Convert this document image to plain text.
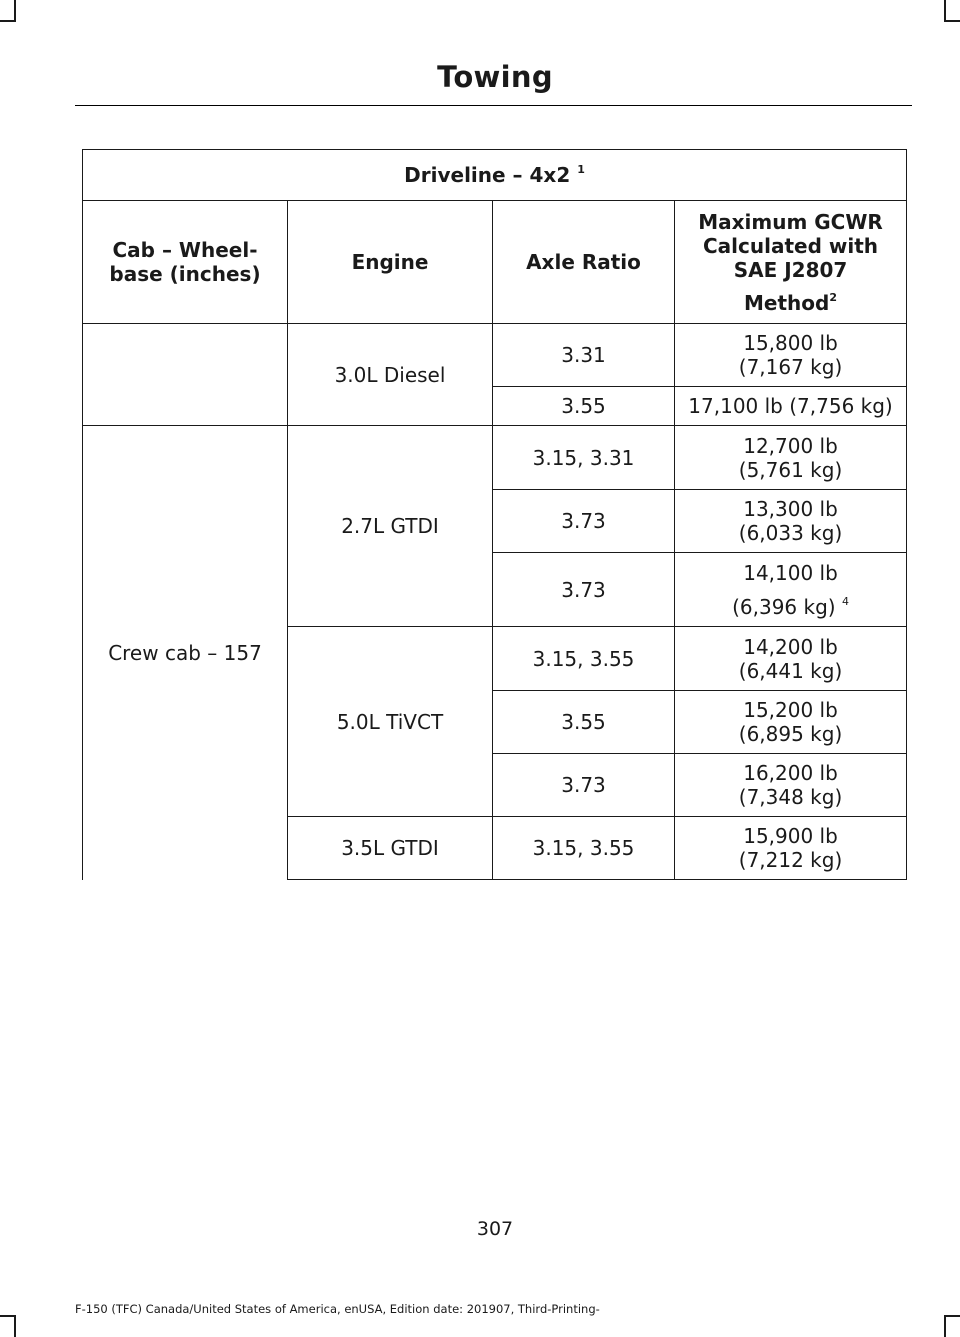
Towing
Driveline – 4x2 $^1$
Cab – Wheel-base (inches)	Engine	Axle Ratio	Maximum GCWR Calculated with SAE J2807
Method$^2$

	3.0L Diesel	3.31	15,800 lb
(7,167 kg)

		3.55	17,100 lb (7,756 kg)
Crew cab – 157	2.7L GTDI	3.15, 3.31	12,700 lb
(5,761 kg)

		3.73	13,300 lb
(6,033 kg)

		3.73	14,100 lb
(6,396 kg) $^4$

	5.0L TiVCT	3.15, 3.55	14,200 lb
(6,441 kg)

		3.55	15,200 lb
(6,895 kg)

		3.73	16,200 lb
(7,348 kg)

	3.5L GTDI	3.15, 3.55	15,900 lb
(7,212 kg)
307
F-150 (TFC) Canada/United States of America, enUSA, Edition date: 201907, Third-Printing-
